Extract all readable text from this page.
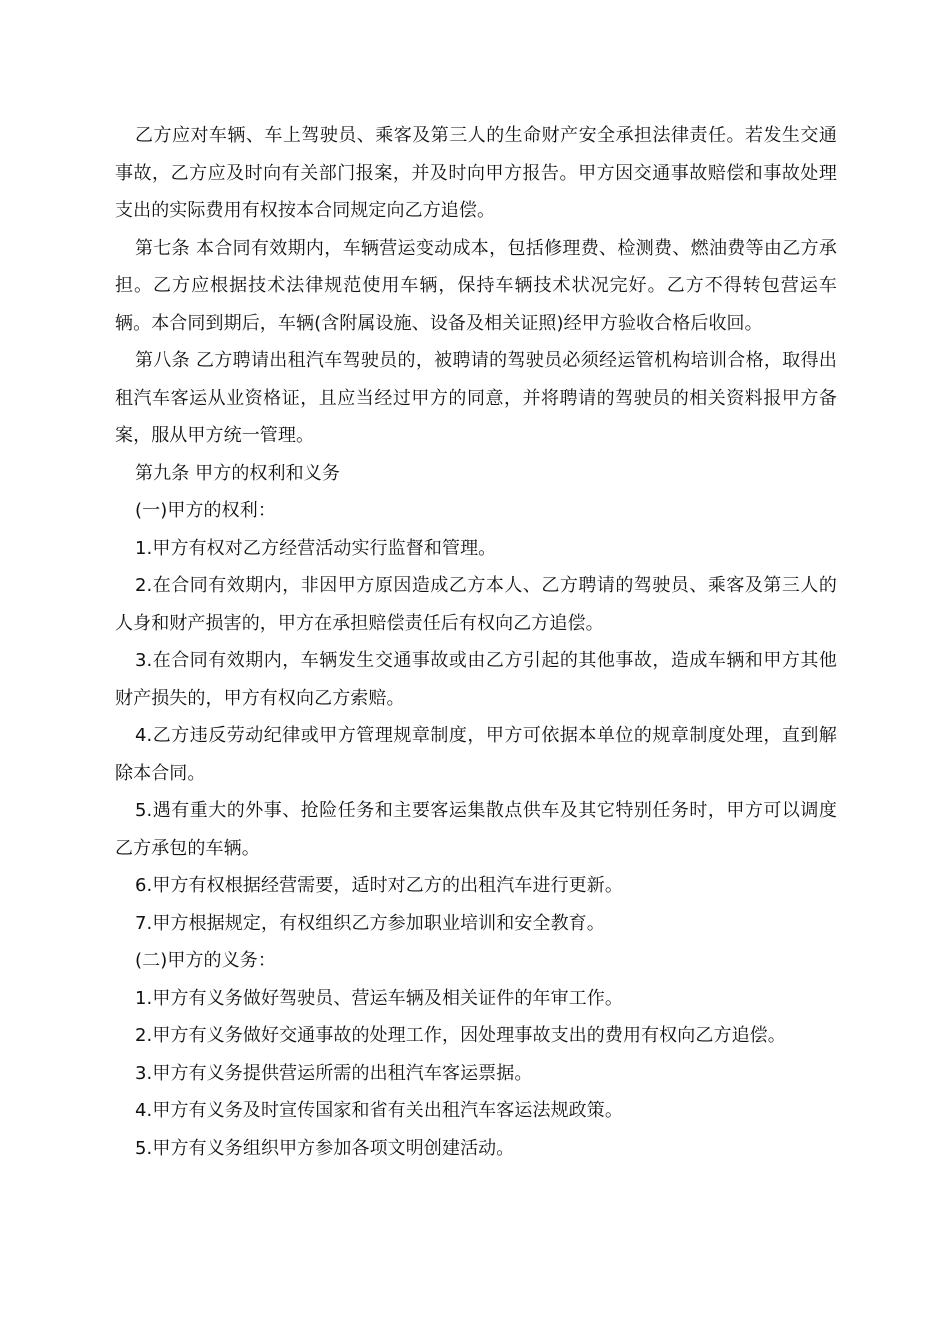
乙方应对车辆、车上驾驶员、乘客及第三人的生命财产安全承担法律责任。若发生交通事故，乙方应及时向有关部门报案，并及时向甲方报告。甲方因交通事故赔偿和事故处理支出的实际费用有权按本合同规定向乙方追偿。

第七条 本合同有效期内，车辆营运变动成本，包括修理费、检测费、燃油费等由乙方承担。乙方应根据技术法律规范使用车辆，保持车辆技术状况完好。乙方不得转包营运车辆。本合同到期后，车辆(含附属设施、设备及相关证照)经甲方验收合格后收回。

第八条 乙方聘请出租汽车驾驶员的，被聘请的驾驶员必须经运管机构培训合格，取得出租汽车客运从业资格证，且应当经过甲方的同意，并将聘请的驾驶员的相关资料报甲方备案，服从甲方统一管理。

第九条 甲方的权利和义务

(一)甲方的权利：

1.甲方有权对乙方经营活动实行监督和管理。

2.在合同有效期内，非因甲方原因造成乙方本人、乙方聘请的驾驶员、乘客及第三人的人身和财产损害的，甲方在承担赔偿责任后有权向乙方追偿。

3.在合同有效期内，车辆发生交通事故或由乙方引起的其他事故，造成车辆和甲方其他财产损失的，甲方有权向乙方索赔。

4.乙方违反劳动纪律或甲方管理规章制度，甲方可依据本单位的规章制度处理，直到解除本合同。

5.遇有重大的外事、抢险任务和主要客运集散点供车及其它特别任务时，甲方可以调度乙方承包的车辆。

6.甲方有权根据经营需要，适时对乙方的出租汽车进行更新。

7.甲方根据规定，有权组织乙方参加职业培训和安全教育。

(二)甲方的义务：

1.甲方有义务做好驾驶员、营运车辆及相关证件的年审工作。

2.甲方有义务做好交通事故的处理工作，因处理事故支出的费用有权向乙方追偿。

3.甲方有义务提供营运所需的出租汽车客运票据。

4.甲方有义务及时宣传国家和省有关出租汽车客运法规政策。

5.甲方有义务组织甲方参加各项文明创建活动。
